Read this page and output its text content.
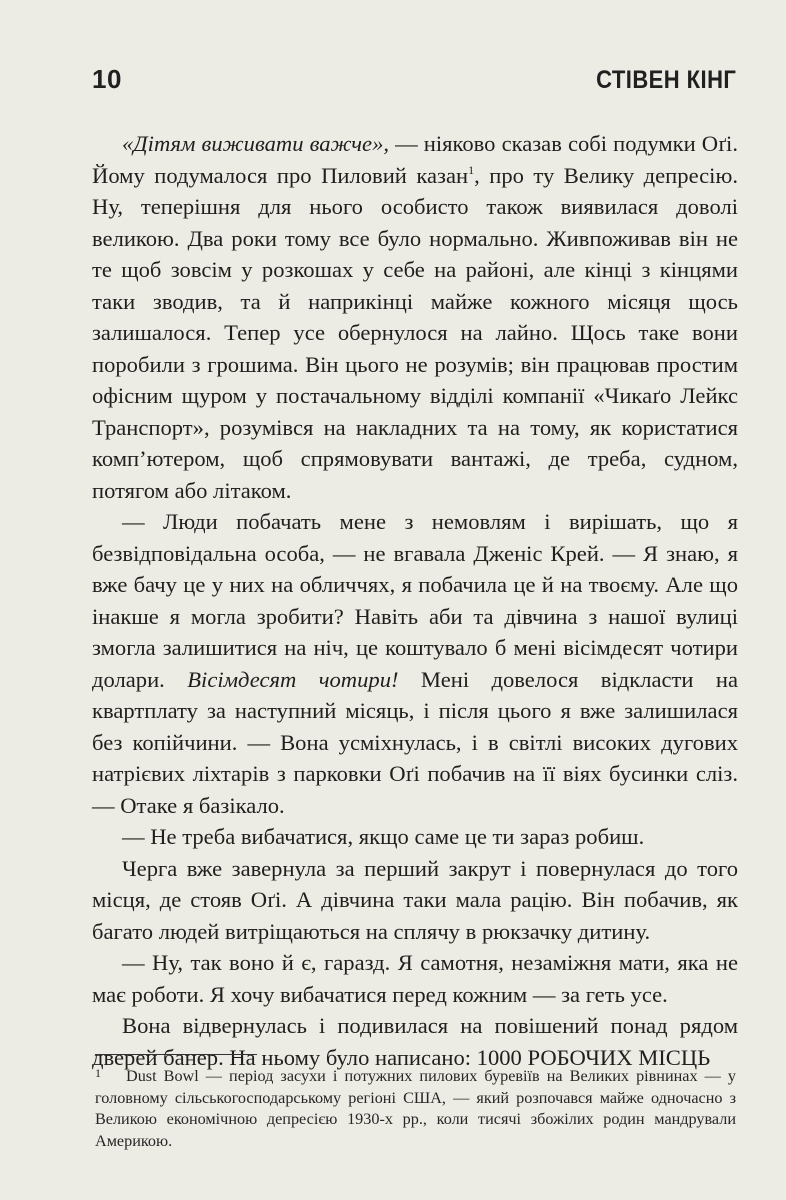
10	СТІВЕН КІНГ

«Дітям виживати важче», — ніяково сказав собі подумки Оґі. Йому подумалося про Пиловий казан$^1$, про ту Велику депресію. Ну, теперішня для нього особисто також виявилася доволі великою. Два роки тому все було нормально. Живпоживав він не те щоб зовсім у розкошах у себе на районі, але кінці з кінцями таки зводив, та й наприкінці майже кожного місяця щось залишалося. Тепер усе обернулося на лайно. Щось таке вони поробили з грошима. Він цього не розумів; він працював простим офісним щуром у постачальному відділі компанії «Чикаґо Лейкс Транспорт», розумівся на накладних та на тому, як користатися комп’ютером, щоб спрямовувати вантажі, де треба, судном, потягом або літаком.

— Люди побачать мене з немовлям і вирішать, що я безвідповідальна особа, — не вгавала Дженіс Крей. — Я знаю, я вже бачу це у них на обличчях, я побачила це й на твоєму. Але що інакше я могла зробити? Навіть аби та дівчина з нашої вулиці змогла залишитися на ніч, це коштувало б мені вісімдесят чотири долари. Вісімдесят чотири! Мені довелося відкласти на квартплату за наступний місяць, і після цього я вже залишилася без копійчини. — Вона усміхнулась, і в світлі високих дугових натрієвих ліхтарів з парковки Оґі побачив на її віях бусинки сліз. — Отаке я базікало.

— Не треба вибачатися, якщо саме це ти зараз робиш.

Черга вже завернула за перший закрут і повернулася до того місця, де стояв Оґі. А дівчина таки мала рацію. Він побачив, як багато людей витріщаються на сплячу в рюкзачку дитину.

— Ну, так воно й є, гаразд. Я самотня, незаміжня мати, яка не має роботи. Я хочу вибачатися перед кожним — за геть усе.

Вона відвернулась і подивилася на повішений понад рядом дверей банер. На ньому було написано: 1000 РОБОЧИХ МІСЦЬ

1	Dust Bowl — період засухи і потужних пилових буревіїв на Великих рівнинах — у головному сільськогосподарському регіоні США, — який розпочався майже одночасно з Великою економічною депресією 1930-х рр., коли тисячі збожілих родин мандрували Америкою.
